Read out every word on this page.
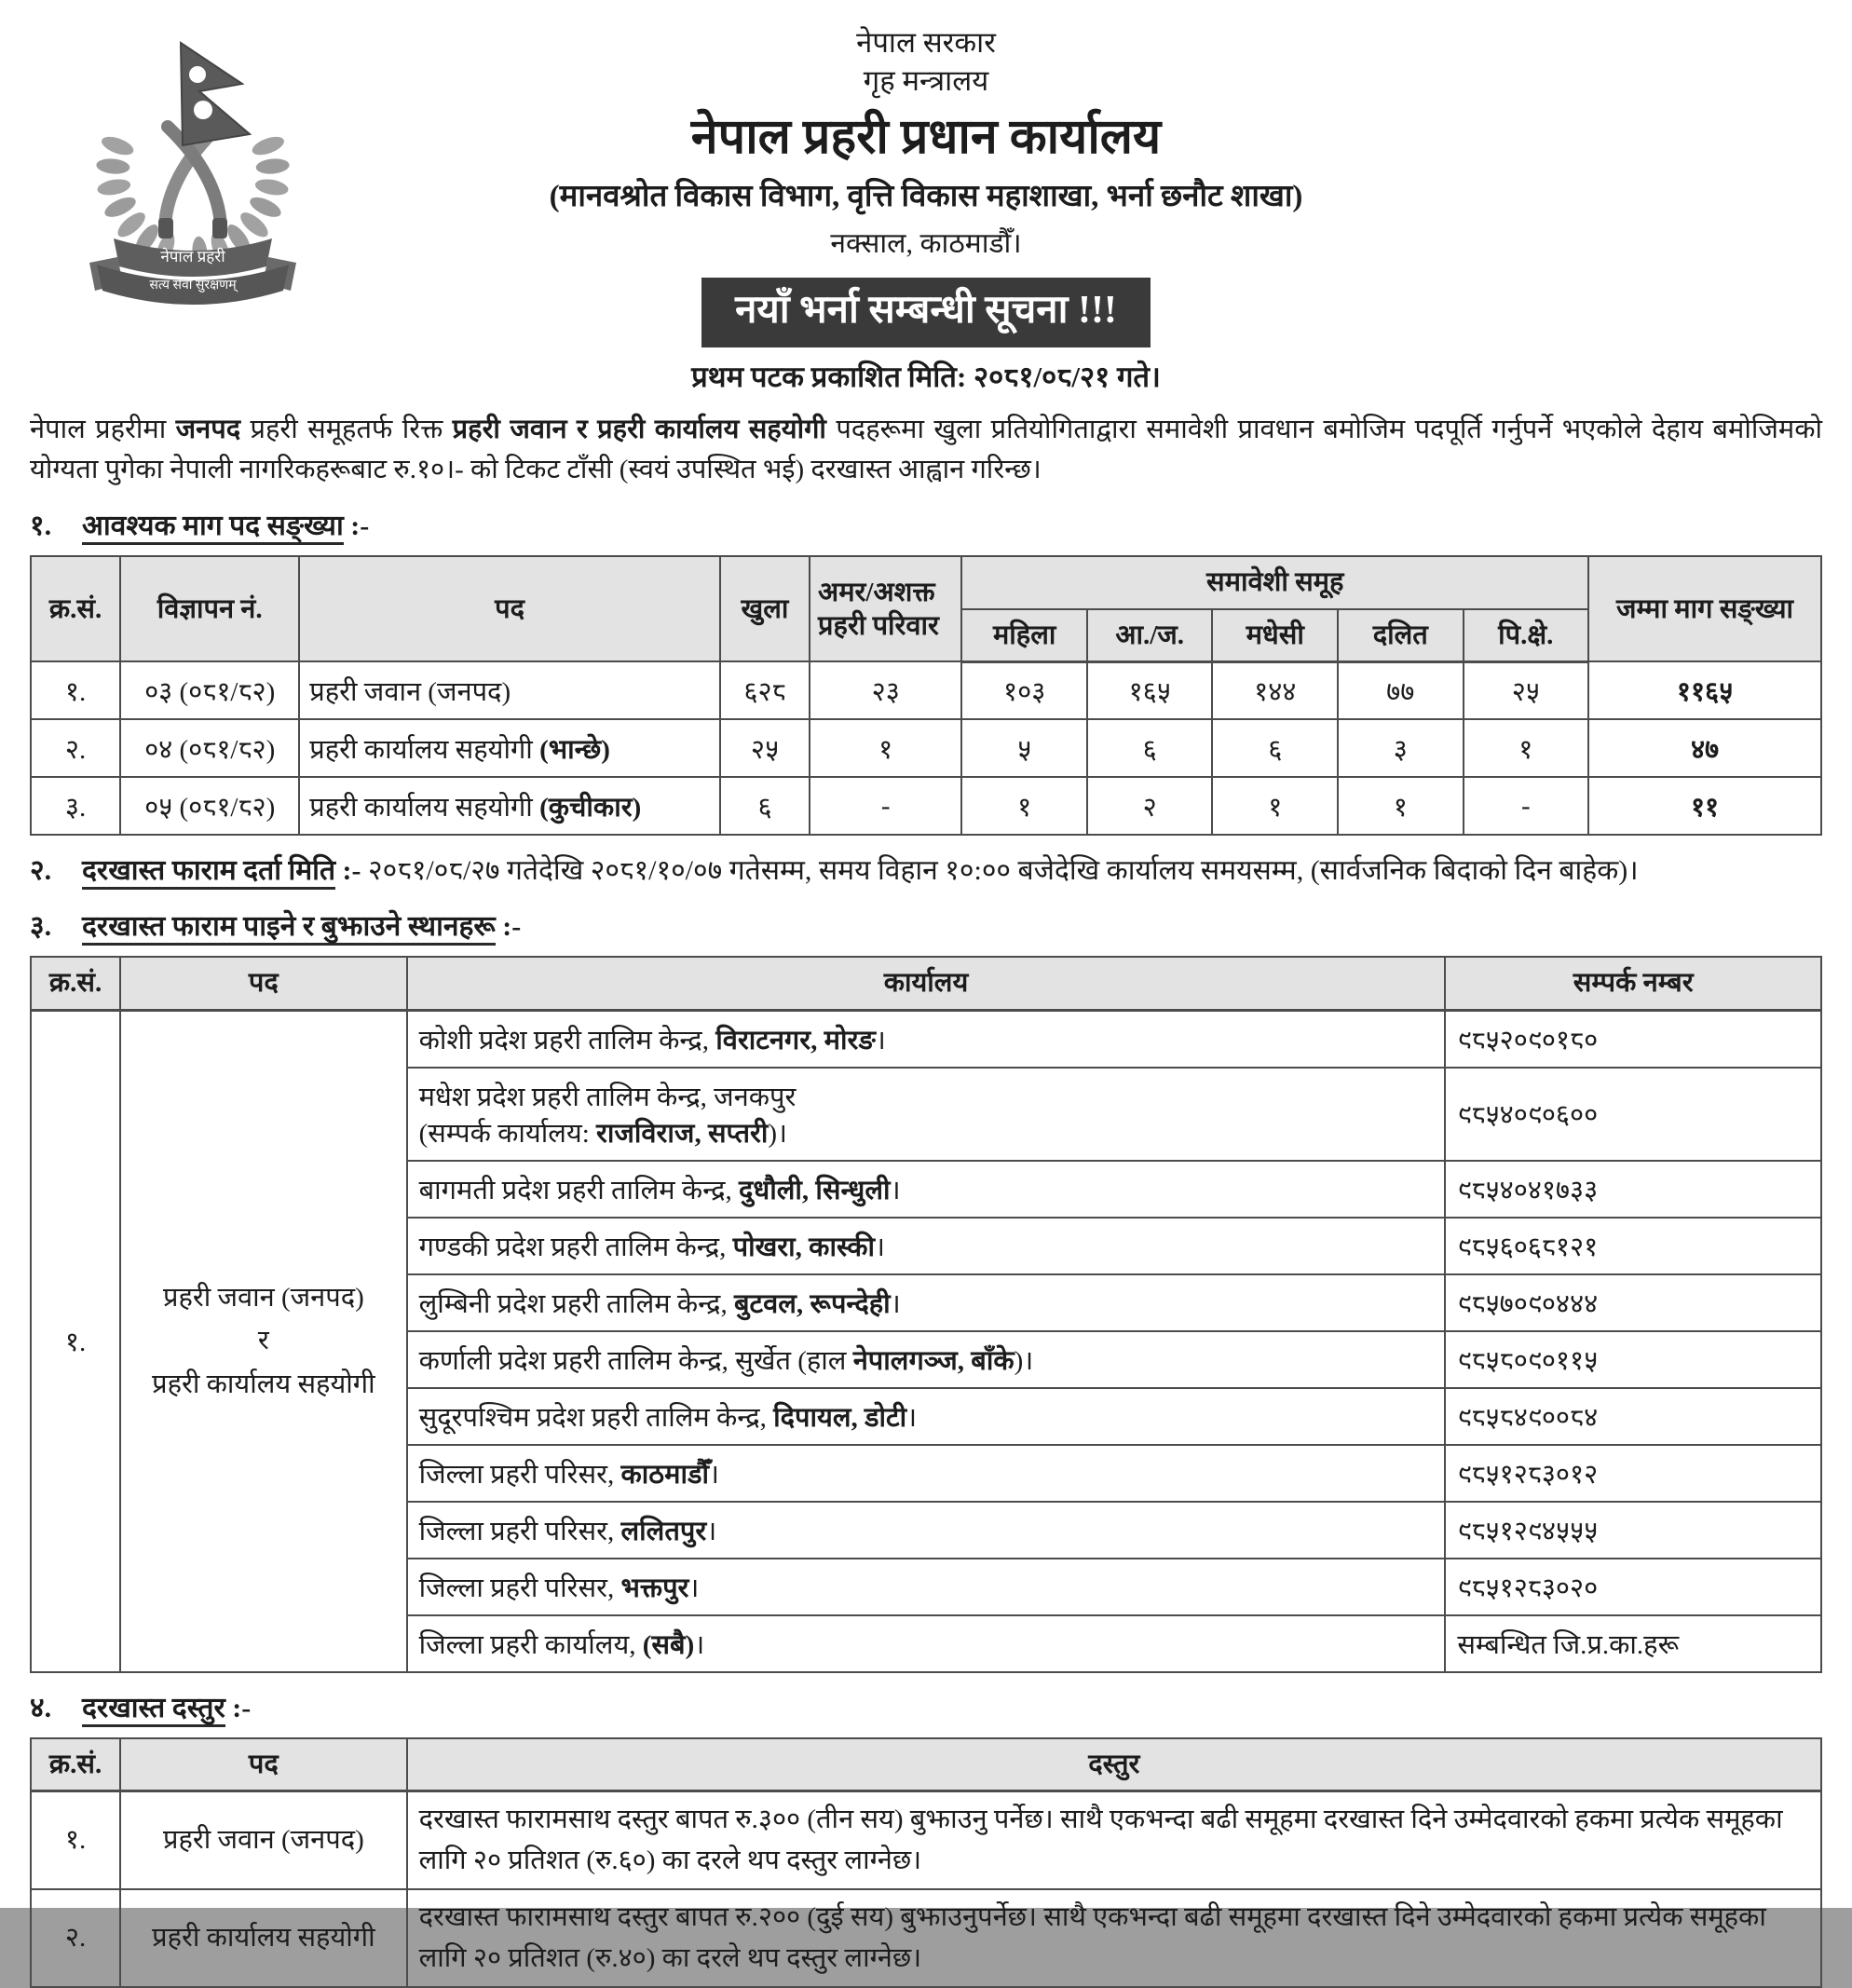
नेपाल प्रहरी
सत्य सेवा सुरक्षणम्
नेपाल सरकार
गृह मन्त्रालय
नेपाल प्रहरी प्रधान कार्यालय
(मानवश्रोत विकास विभाग, वृत्ति विकास महाशाखा, भर्ना छनौट शाखा)
नक्साल, काठमाडौँ।
नयाँ भर्ना सम्बन्धी सूचना !!!
प्रथम पटक प्रकाशित मिति: २०८१/०८/२१ गते।

नेपाल प्रहरीमा जनपद प्रहरी समूहतर्फ रिक्त प्रहरी जवान र प्रहरी कार्यालय सहयोगी पदहरूमा खुला प्रतियोगिताद्वारा समावेशी प्रावधान बमोजिम पदपूर्ति गर्नुपर्ने भएकोले देहाय बमोजिमको योग्यता पुगेका नेपाली नागरिकहरूबाट रु.१०।- को टिकट टाँसी (स्वयं उपस्थित भई) दरखास्त आह्वान गरिन्छ।

१. आवश्यक माग पद सङ्ख्या :-
क्र.सं.	विज्ञापन नं.	पद	खुला	अमर/अशक्त प्रहरी परिवार	समावेशी समूह					जम्मा माग सङ्ख्या
					महिला	आ./ज.	मधेसी	दलित	पि.क्षे.	
१.	०३ (०८१/८२)	प्रहरी जवान (जनपद)	६२८	२३	१०३	१६५	१४४	७७	२५	११६५
२.	०४ (०८१/८२)	प्रहरी कार्यालय सहयोगी (भान्छे)	२५	१	५	६	६	३	१	४७
३.	०५ (०८१/८२)	प्रहरी कार्यालय सहयोगी (कुचीकार)	६	-	१	२	१	१	-	११
२. दरखास्त फाराम दर्ता मिति :- २०८१/०८/२७ गतेदेखि २०८१/१०/०७ गतेसम्म, समय विहान १०:०० बजेदेखि कार्यालय समयसम्म, (सार्वजनिक बिदाको दिन बाहेक)।
३. दरखास्त फाराम पाइने र बुझाउने स्थानहरू :-
क्र.सं.	पद	कार्यालय	सम्पर्क नम्बर
१.	प्रहरी जवान (जनपद)
र
प्रहरी कार्यालय सहयोगी	कोशी प्रदेश प्रहरी तालिम केन्द्र, विराटनगर, मोरङ।	९८५२०९०१८०
		मधेश प्रदेश प्रहरी तालिम केन्द्र, जनकपुर
(सम्पर्क कार्यालय: राजविराज, सप्तरी)।	९८५४०९०६००
		बागमती प्रदेश प्रहरी तालिम केन्द्र, दुधौली, सिन्धुली।	९८५४०४१७३३
		गण्डकी प्रदेश प्रहरी तालिम केन्द्र, पोखरा, कास्की।	९८५६०६८१२१
		लुम्बिनी प्रदेश प्रहरी तालिम केन्द्र, बुटवल, रूपन्देही।	९८५७०९०४४४
		कर्णाली प्रदेश प्रहरी तालिम केन्द्र, सुर्खेत (हाल नेपालगञ्ज, बाँके)।	९८५८०९०११५
		सुदूरपश्चिम प्रदेश प्रहरी तालिम केन्द्र, दिपायल, डोटी।	९८५८४९००८४
		जिल्ला प्रहरी परिसर, काठमाडौँ।	९८५१२८३०१२
		जिल्ला प्रहरी परिसर, ललितपुर।	९८५१२९४५५५
		जिल्ला प्रहरी परिसर, भक्तपुर।	९८५१२८३०२०
		जिल्ला प्रहरी कार्यालय, (सबै)।	सम्बन्धित जि.प्र.का.हरू
४. दरखास्त दस्तुर :-
क्र.सं.	पद	दस्तुर
१.	प्रहरी जवान (जनपद)	दरखास्त फारामसाथ दस्तुर बापत रु.३०० (तीन सय) बुझाउनु पर्नेछ। साथै एकभन्दा बढी समूहमा दरखास्त दिने उम्मेदवारको हकमा प्रत्येक समूहका लागि २० प्रतिशत (रु.६०) का दरले थप दस्तुर लाग्नेछ।
२.	प्रहरी कार्यालय सहयोगी	दरखास्त फारामसाथ दस्तुर बापत रु.२०० (दुई सय) बुझाउनुपर्नेछ। साथै एकभन्दा बढी समूहमा दरखास्त दिने उम्मेदवारको हकमा प्रत्येक समूहका लागि २० प्रतिशत (रु.४०) का दरले थप दस्तुर लाग्नेछ।
